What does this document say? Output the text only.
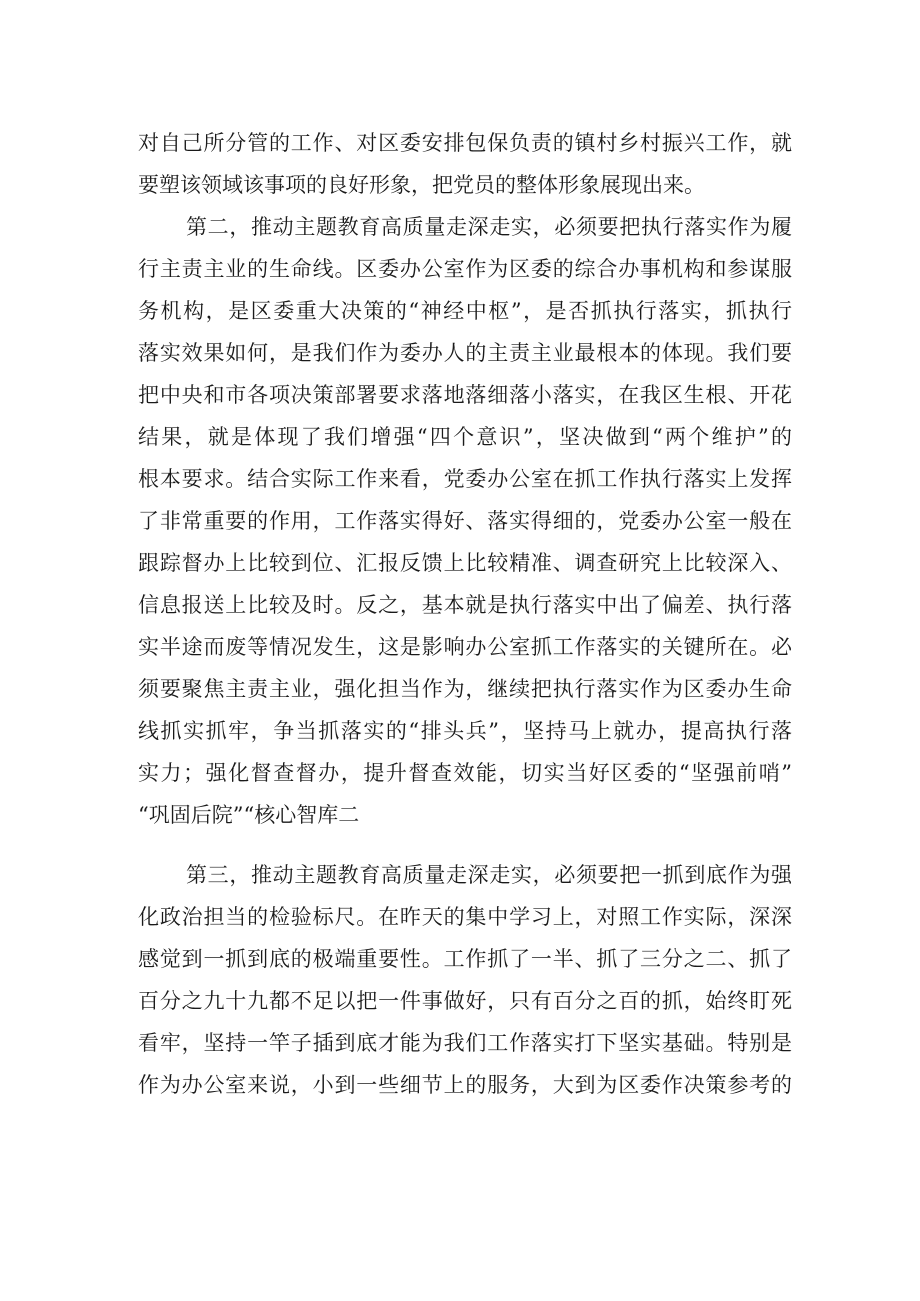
对自己所分管的工作、对区委安排包保负责的镇村乡村振兴工作，就
要塑该领域该事项的良好形象，把党员的整体形象展现出来。
第二，推动主题教育高质量走深走实，必须要把执行落实作为履
行主责主业的生命线。区委办公室作为区委的综合办事机构和参谋服
务机构，是区委重大决策的“神经中枢”，是否抓执行落实，抓执行
落实效果如何，是我们作为委办人的主责主业最根本的体现。我们要
把中央和市各项决策部署要求落地落细落小落实，在我区生根、开花
结果，就是体现了我们增强“四个意识”，坚决做到“两个维护”的
根本要求。结合实际工作来看，党委办公室在抓工作执行落实上发挥
了非常重要的作用，工作落实得好、落实得细的，党委办公室一般在
跟踪督办上比较到位、汇报反馈上比较精准、调查研究上比较深入、
信息报送上比较及时。反之，基本就是执行落实中出了偏差、执行落
实半途而废等情况发生，这是影响办公室抓工作落实的关键所在。必
须要聚焦主责主业，强化担当作为，继续把执行落实作为区委办生命
线抓实抓牢，争当抓落实的“排头兵”，坚持马上就办，提高执行落
实力；强化督查督办，提升督查效能，切实当好区委的“坚强前哨”
“巩固后院”“核心智库二
第三，推动主题教育高质量走深走实，必须要把一抓到底作为强
化政治担当的检验标尺。在昨天的集中学习上，对照工作实际，深深
感觉到一抓到底的极端重要性。工作抓了一半、抓了三分之二、抓了
百分之九十九都不足以把一件事做好，只有百分之百的抓，始终盯死
看牢，坚持一竿子插到底才能为我们工作落实打下坚实基础。特别是
作为办公室来说，小到一些细节上的服务，大到为区委作决策参考的
